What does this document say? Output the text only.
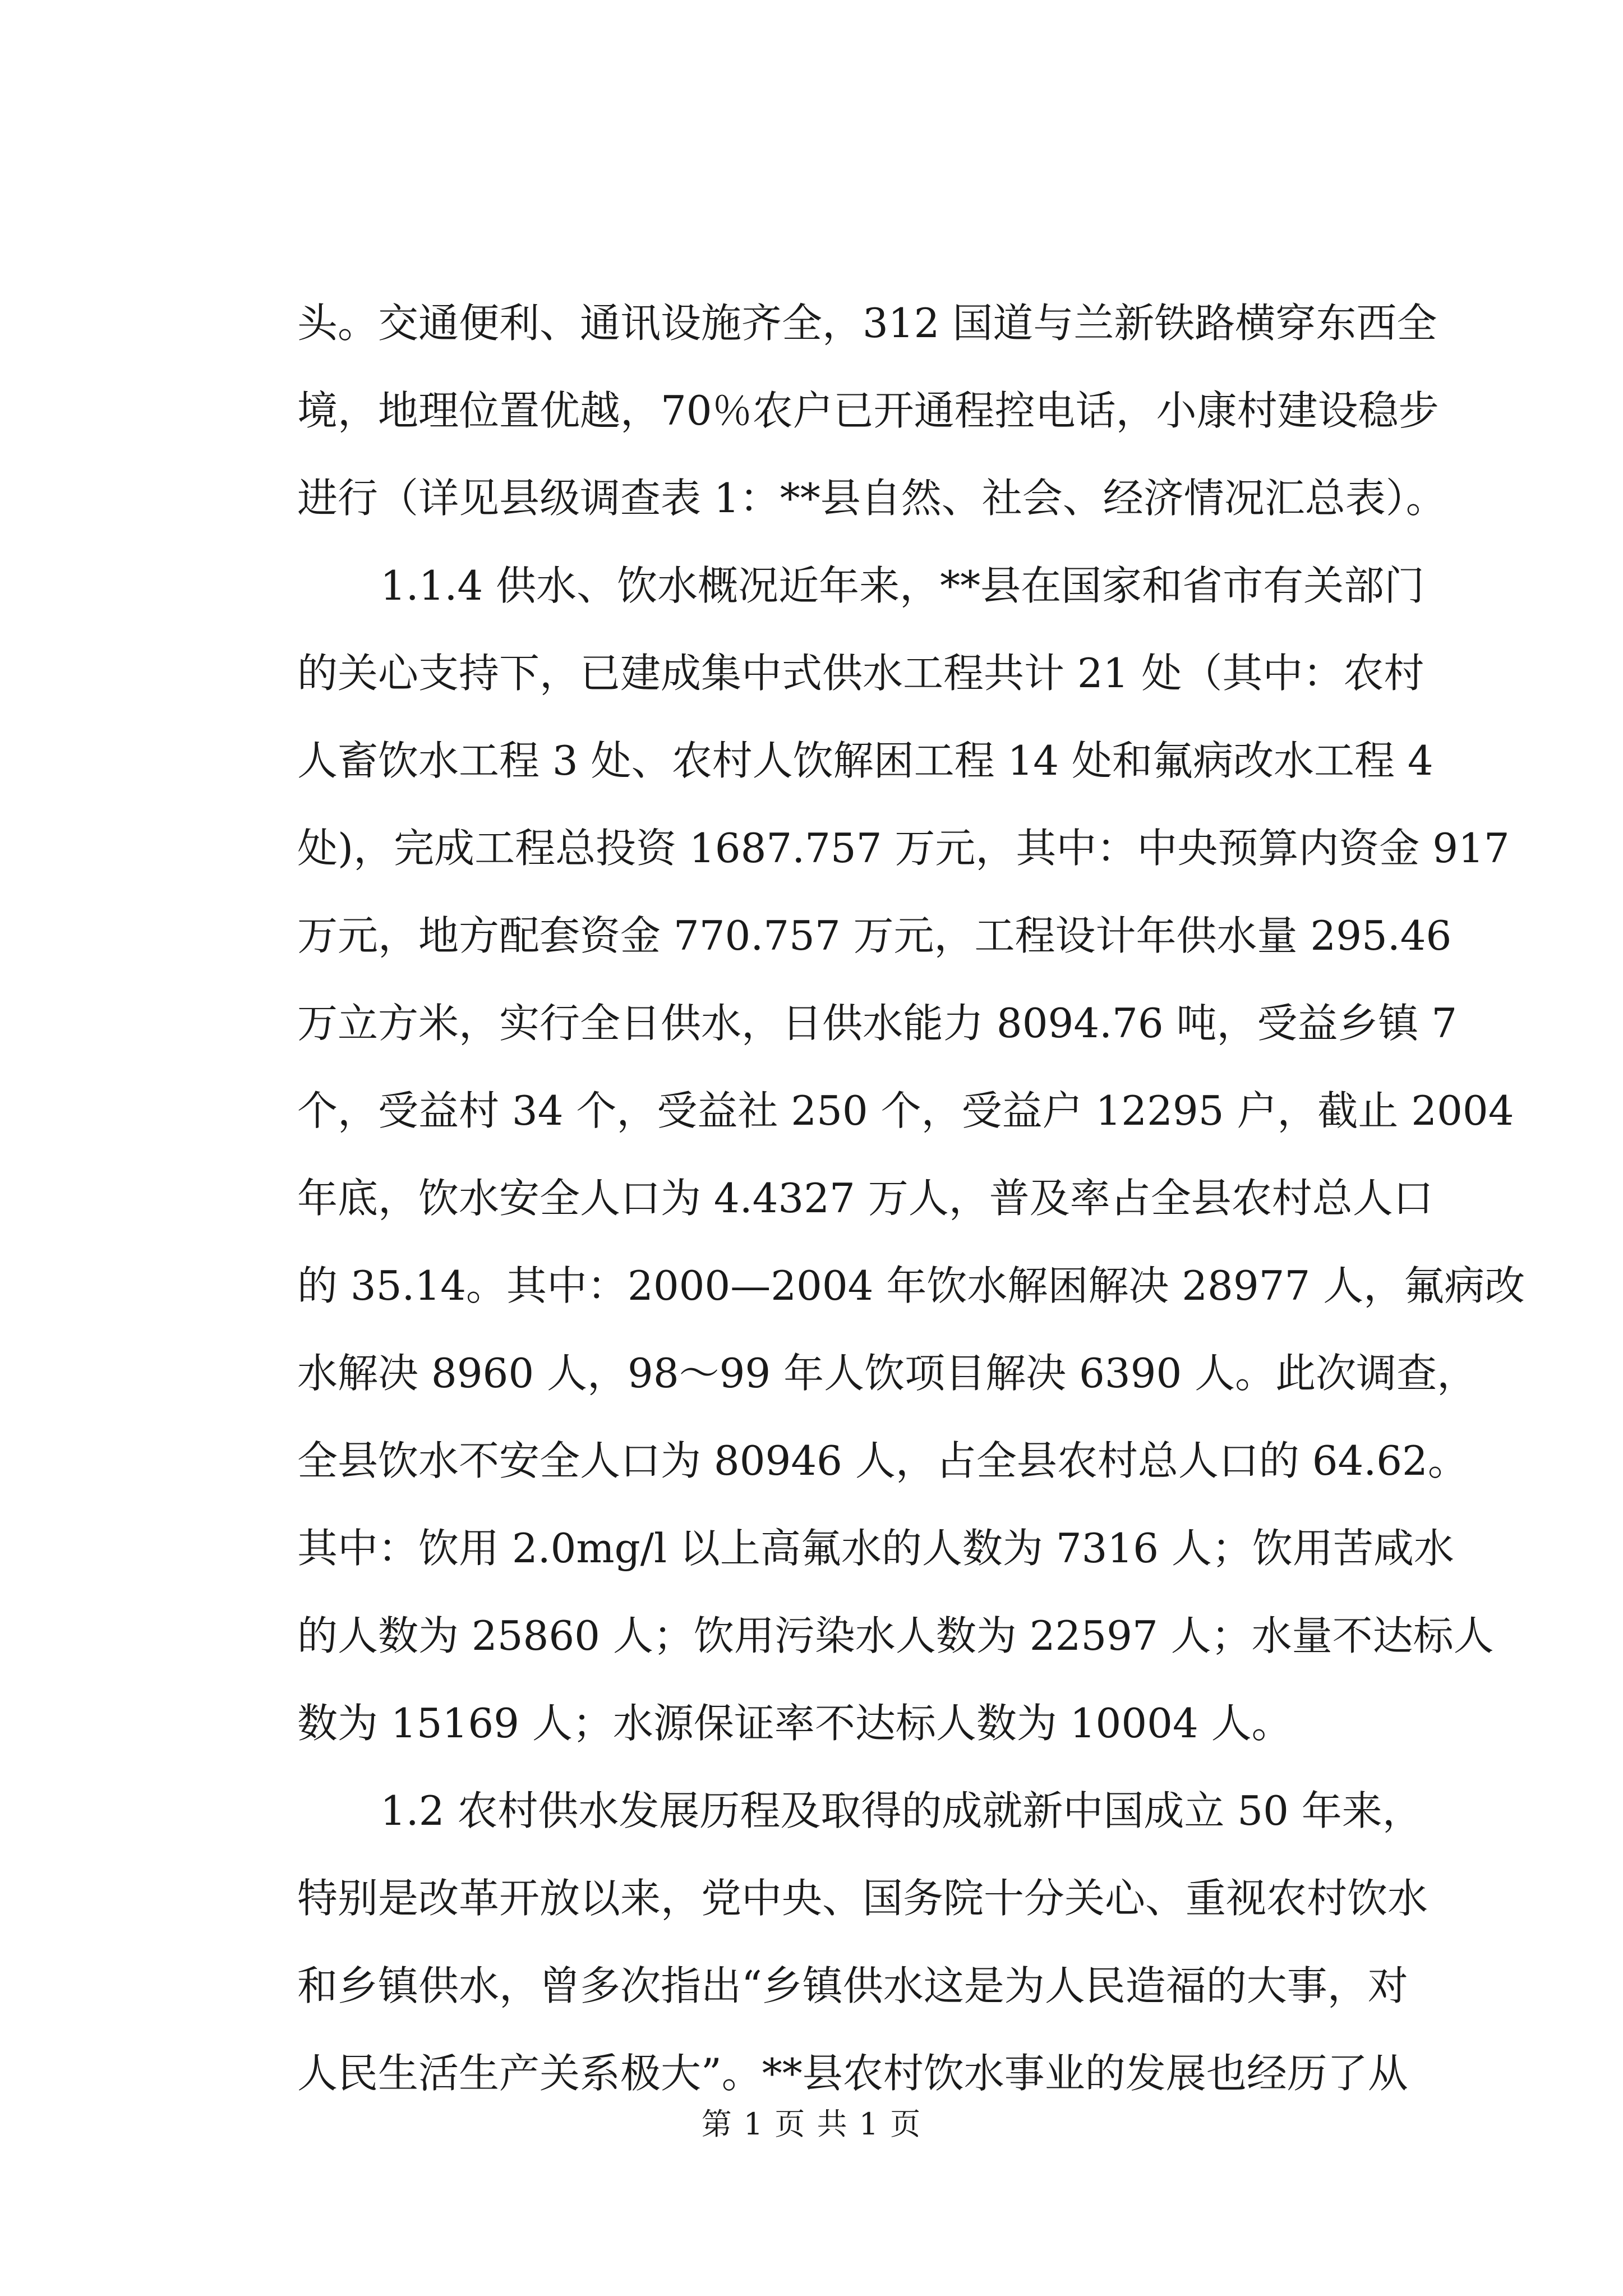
头。交通便利、通讯设施齐全，312 国道与兰新铁路横穿东西全
境，地理位置优越，70％农户已开通程控电话，小康村建设稳步
进行（详见县级调查表 1：**县自然、社会、经济情况汇总表）。
1.1.4 供水、饮水概况近年来，**县在国家和省市有关部门
的关心支持下，已建成集中式供水工程共计 21 处（其中：农村
人畜饮水工程 3 处、农村人饮解困工程 14 处和氟病改水工程 4
处)，完成工程总投资 1687.757 万元，其中：中央预算内资金 917
万元，地方配套资金 770.757 万元，工程设计年供水量 295.46
万立方米，实行全日供水，日供水能力 8094.76 吨，受益乡镇 7
个，受益村 34 个，受益社 250 个，受益户 12295 户，截止 2004
年底，饮水安全人口为 4.4327 万人，普及率占全县农村总人口
的 35.14。其中：2000—2004 年饮水解困解决 28977 人，氟病改
水解决 8960 人，98～99 年人饮项目解决 6390 人。此次调查，
全县饮水不安全人口为 80946 人，占全县农村总人口的 64.62。
其中：饮用 2.0mg/l 以上高氟水的人数为 7316 人；饮用苦咸水
的人数为 25860 人；饮用污染水人数为 22597 人；水量不达标人
数为 15169 人；水源保证率不达标人数为 10004 人。
1.2 农村供水发展历程及取得的成就新中国成立 50 年来，
特别是改革开放以来，党中央、国务院十分关心、重视农村饮水
和乡镇供水，曾多次指出“乡镇供水这是为人民造福的大事，对
人民生活生产关系极大”。**县农村饮水事业的发展也经历了从
第 1 页 共 1 页
